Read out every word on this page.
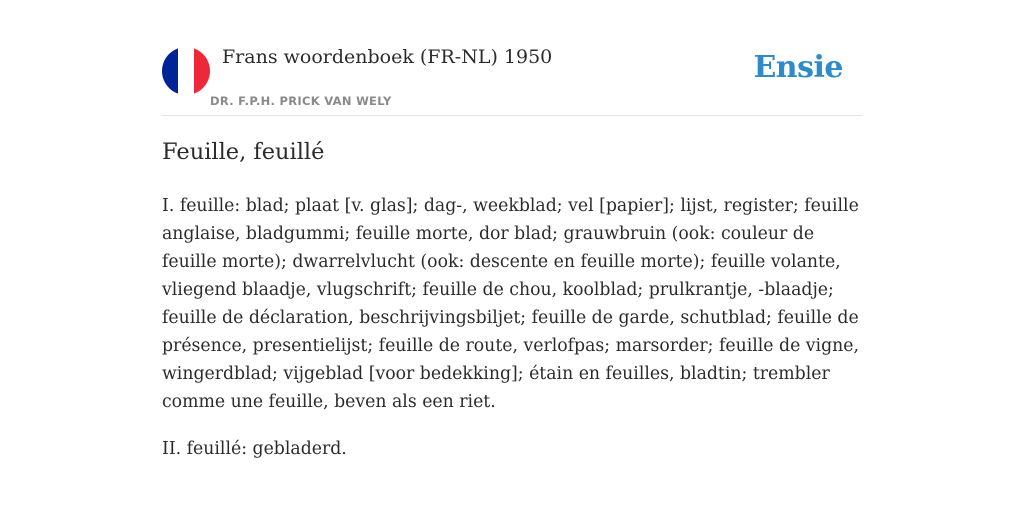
Frans woordenboek (FR-NL) 1950
DR. F.P.H. PRICK VAN WELY
Ensie
Feuille, feuillé

I. feuille: blad; plaat [v. glas]; dag-, weekblad; vel [papier]; lijst, register; feuille anglaise, bladgummi; feuille morte, dor blad; grauwbruin (ook: couleur de feuille morte); dwarrelvlucht (ook: descente en feuille morte); feuille volante, vliegend blaadje, vlugschrift; feuille de chou, koolblad; prulkrantje, -blaadje; feuille de déclaration, beschrijvingsbiljet; feuille de garde, schutblad; feuille de présence, presentielijst; feuille de route, verlofpas; marsorder; feuille de vigne, wingerdblad; vijgeblad [voor bedekking]; étain en feuilles, bladtin; trembler comme une feuille, beven als een riet.

II. feuillé: gebladerd.
